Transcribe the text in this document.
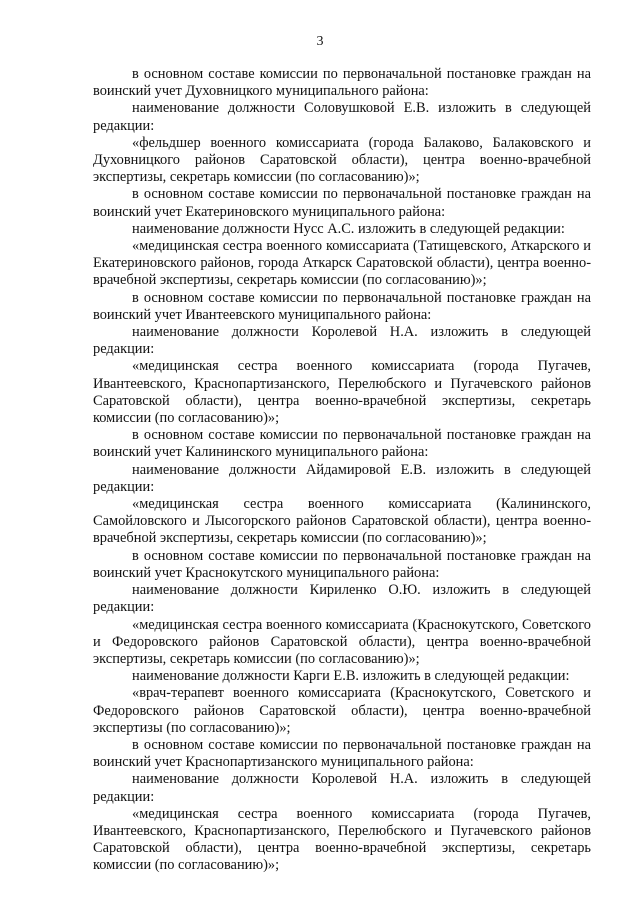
3

в основном составе комиссии по первоначальной постановке граждан на воинский учет Духовницкого муниципального района:

наименование должности Соловушковой Е.В. изложить в следующей редакции:

«фельдшер военного комиссариата (города Балаково, Балаковского и Духовницкого районов Саратовской области), центра военно-врачебной экспертизы, секретарь комиссии (по согласованию)»;

в основном составе комиссии по первоначальной постановке граждан на воинский учет Екатериновского муниципального района:

наименование должности Нусс А.С. изложить в следующей редакции:

«медицинская сестра военного комиссариата (Татищевского, Аткарского и Екатериновского районов, города Аткарск Саратовской области), центра военно-врачебной экспертизы, секретарь комиссии (по согласованию)»;

в основном составе комиссии по первоначальной постановке граждан на воинский учет Ивантеевского муниципального района:

наименование должности Королевой Н.А. изложить в следующей редакции:

«медицинская сестра военного комиссариата (города Пугачев, Ивантеевского, Краснопартизанского, Перелюбского и Пугачевского районов Саратовской области), центра военно-врачебной экспертизы, секретарь комиссии (по согласованию)»;

в основном составе комиссии по первоначальной постановке граждан на воинский учет Калининского муниципального района:

наименование должности Айдамировой Е.В. изложить в следующей редакции:

«медицинская сестра военного комиссариата (Калининского, Самойловского и Лысогорского районов Саратовской области), центра военно-врачебной экспертизы, секретарь комиссии (по согласованию)»;

в основном составе комиссии по первоначальной постановке граждан на воинский учет Краснокутского муниципального района:

наименование должности Кириленко О.Ю. изложить в следующей редакции:

«медицинская сестра военного комиссариата (Краснокутского, Советского и Федоровского районов Саратовской области), центра военно-врачебной экспертизы, секретарь комиссии (по согласованию)»;

наименование должности Карги Е.В. изложить в следующей редакции:

«врач-терапевт военного комиссариата (Краснокутского, Советского и Федоровского районов Саратовской области), центра военно-врачебной экспертизы (по согласованию)»;

в основном составе комиссии по первоначальной постановке граждан на воинский учет Краснопартизанского муниципального района:

наименование должности Королевой Н.А. изложить в следующей редакции:

«медицинская сестра военного комиссариата (города Пугачев, Ивантеевского, Краснопартизанского, Перелюбского и Пугачевского районов Саратовской области), центра военно-врачебной экспертизы, секретарь комиссии (по согласованию)»;
